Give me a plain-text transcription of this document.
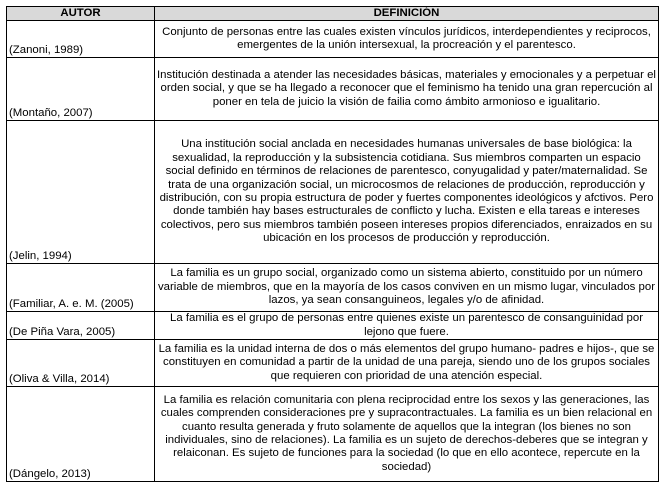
AUTOR	DEFINICIÓN
(Zanoni, 1989)	Conjunto de personas entre las cuales existen vínculos jurídicos, interdependientes y reciprocos, emergentes de la unión intersexual, la procreación y el parentesco.
(Montaño, 2007)	Institución destinada a atender las necesidades básicas, materiales y emocionales y a perpetuar el orden social, y que se ha llegado a reconocer que el feminismo ha tenido una gran repercución al poner en tela de juicio la visión de failia como ámbito armonioso e igualitario.
(Jelin, 1994)	Una institución social anclada en necesidades humanas universales de base biológica: la sexualidad, la reproducción y la subsistencia cotidiana. Sus miembros comparten un espacio social definido en términos de relaciones de parentesco, conyugalidad y pater/maternalidad. Se trata de una organización social, un microcosmos de relaciones de producción, reproducción y distribución, con su propia estructura de poder y fuertes componentes ideológicos y afctivos. Pero donde también hay bases estructurales de conflicto y lucha. Existen e ella tareas e intereses colectivos, pero sus miembros también poseen intereses propios diferenciados, enraizados en su ubicación en los procesos de producción y reproducción.
(Familiar, A. e. M. (2005)	La familia es un grupo social, organizado como un sistema abierto, constituido por un número variable de miembros, que en la mayoría de los casos conviven en un mismo lugar, vinculados por lazos, ya sean consanguineos, legales y/o de afinidad.
(De Piña Vara, 2005)	La familia es el grupo de personas entre quienes existe un parentesco de consanguinidad por lejono que fuere.
(Oliva & Villa, 2014)	La familia es la unidad interna de dos o más elementos del grupo humano- padres e hijos-, que se constituyen en comunidad a partir de la unidad de una pareja, siendo uno de los grupos sociales que requieren con prioridad de una atención especial.
(Dángelo, 2013)	La familia es relación comunitaria con plena reciprocidad entre los sexos y las generaciones, las cuales comprenden consideraciones pre y supracontractuales. La familia es un bien relacional en cuanto resulta generada y fruto solamente de aquellos que la integran (los bienes no son individuales, sino de relaciones). La familia es un sujeto de derechos-deberes que se integran y relaiconan. Es sujeto de funciones para la sociedad (lo que en ello acontece, repercute en la sociedad)
